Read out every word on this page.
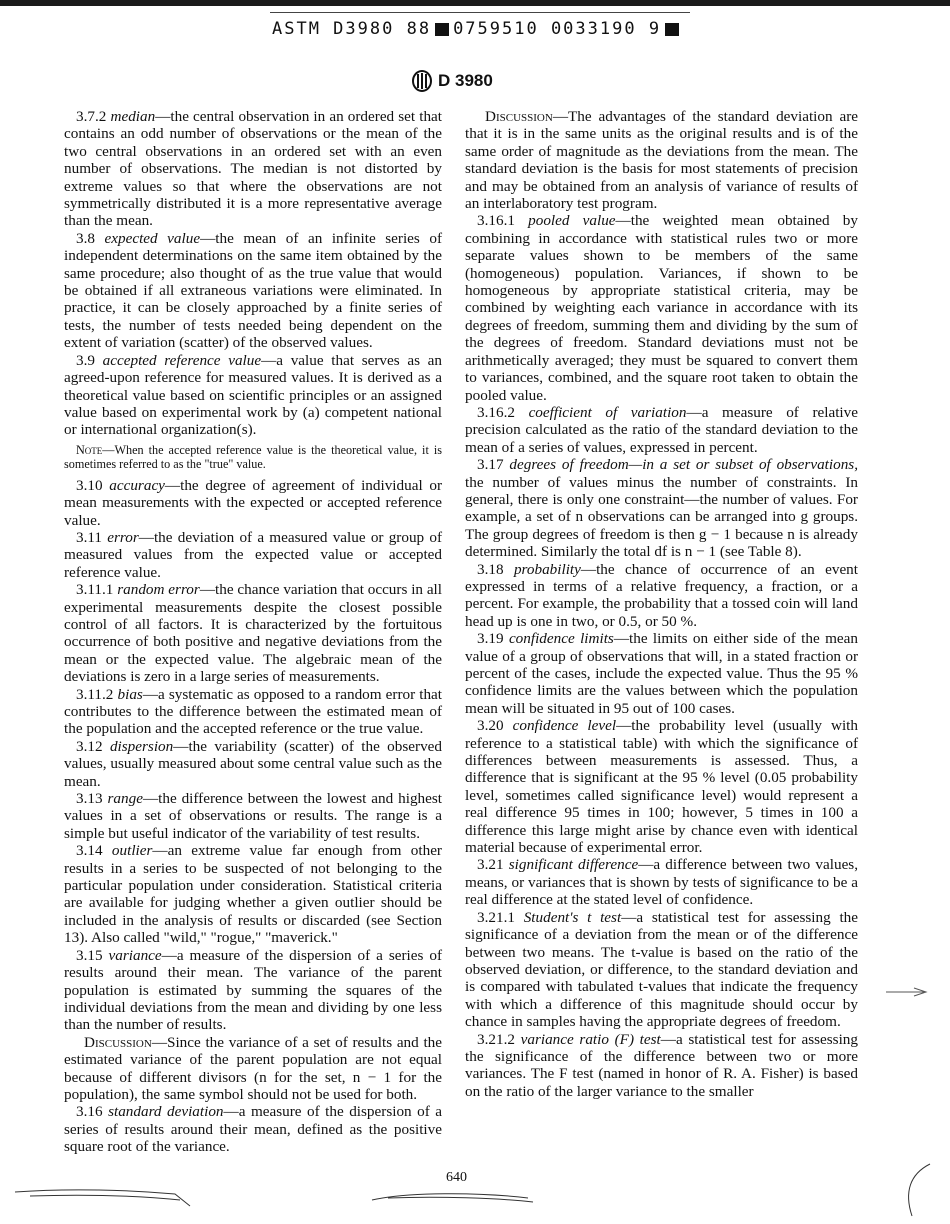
ASTM D3980 88 0759510 0033190 9
D 3980

3.7.2 median—the central observation in an ordered set that contains an odd number of observations or the mean of the two central observations in an ordered set with an even number of observations. The median is not distorted by extreme values so that where the observations are not symmetrically distributed it is a more representative average than the mean.

3.8 expected value—the mean of an infinite series of independent determinations on the same item obtained by the same procedure; also thought of as the true value that would be obtained if all extraneous variations were eliminated. In practice, it can be closely approached by a finite series of tests, the number of tests needed being dependent on the extent of variation (scatter) of the observed values.

3.9 accepted reference value—a value that serves as an agreed-upon reference for measured values. It is derived as a theoretical value based on scientific principles or an assigned value based on experimental work by (a) competent national or international organization(s).

Note—When the accepted reference value is the theoretical value, it is sometimes referred to as the "true" value.

3.10 accuracy—the degree of agreement of individual or mean measurements with the expected or accepted reference value.

3.11 error—the deviation of a measured value or group of measured values from the expected value or accepted reference value.

3.11.1 random error—the chance variation that occurs in all experimental measurements despite the closest possible control of all factors. It is characterized by the fortuitous occurrence of both positive and negative deviations from the mean or the expected value. The algebraic mean of the deviations is zero in a large series of measurements.

3.11.2 bias—a systematic as opposed to a random error that contributes to the difference between the estimated mean of the population and the accepted reference or the true value.

3.12 dispersion—the variability (scatter) of the observed values, usually measured about some central value such as the mean.

3.13 range—the difference between the lowest and highest values in a set of observations or results. The range is a simple but useful indicator of the variability of test results.

3.14 outlier—an extreme value far enough from other results in a series to be suspected of not belonging to the particular population under consideration. Statistical criteria are available for judging whether a given outlier should be included in the analysis of results or discarded (see Section 13). Also called "wild," "rogue," "maverick."

3.15 variance—a measure of the dispersion of a series of results around their mean. The variance of the parent population is estimated by summing the squares of the individual deviations from the mean and dividing by one less than the number of results.

Discussion—Since the variance of a set of results and the estimated variance of the parent population are not equal because of different divisors (n for the set, n − 1 for the population), the same symbol should not be used for both.

3.16 standard deviation—a measure of the dispersion of a series of results around their mean, defined as the positive square root of the variance.

Discussion—The advantages of the standard deviation are that it is in the same units as the original results and is of the same order of magnitude as the deviations from the mean. The standard deviation is the basis for most statements of precision and may be obtained from an analysis of variance of results of an interlaboratory test program.

3.16.1 pooled value—the weighted mean obtained by combining in accordance with statistical rules two or more separate values shown to be members of the same (homogeneous) population. Variances, if shown to be homogeneous by appropriate statistical criteria, may be combined by weighting each variance in accordance with its degrees of freedom, summing them and dividing by the sum of the degrees of freedom. Standard deviations must not be arithmetically averaged; they must be squared to convert them to variances, combined, and the square root taken to obtain the pooled value.

3.16.2 coefficient of variation—a measure of relative precision calculated as the ratio of the standard deviation to the mean of a series of values, expressed in percent.

3.17 degrees of freedom—in a set or subset of observations, the number of values minus the number of constraints. In general, there is only one constraint—the number of values. For example, a set of n observations can be arranged into g groups. The group degrees of freedom is then g − 1 because n is already determined. Similarly the total df is n − 1 (see Table 8).

3.18 probability—the chance of occurrence of an event expressed in terms of a relative frequency, a fraction, or a percent. For example, the probability that a tossed coin will land head up is one in two, or 0.5, or 50 %.

3.19 confidence limits—the limits on either side of the mean value of a group of observations that will, in a stated fraction or percent of the cases, include the expected value. Thus the 95 % confidence limits are the values between which the population mean will be situated in 95 out of 100 cases.

3.20 confidence level—the probability level (usually with reference to a statistical table) with which the significance of differences between measurements is assessed. Thus, a difference that is significant at the 95 % level (0.05 probability level, sometimes called significance level) would represent a real difference 95 times in 100; however, 5 times in 100 a difference this large might arise by chance even with identical material because of experimental error.

3.21 significant difference—a difference between two values, means, or variances that is shown by tests of significance to be a real difference at the stated level of confidence.

3.21.1 Student's t test—a statistical test for assessing the significance of a deviation from the mean or of the difference between two means. The t-value is based on the ratio of the observed deviation, or difference, to the standard deviation and is compared with tabulated t-values that indicate the frequency with which a difference of this magnitude should occur by chance in samples having the appropriate degrees of freedom.

3.21.2 variance ratio (F) test—a statistical test for assessing the significance of the difference between two or more variances. The F test (named in honor of R. A. Fisher) is based on the ratio of the larger variance to the smaller

640
